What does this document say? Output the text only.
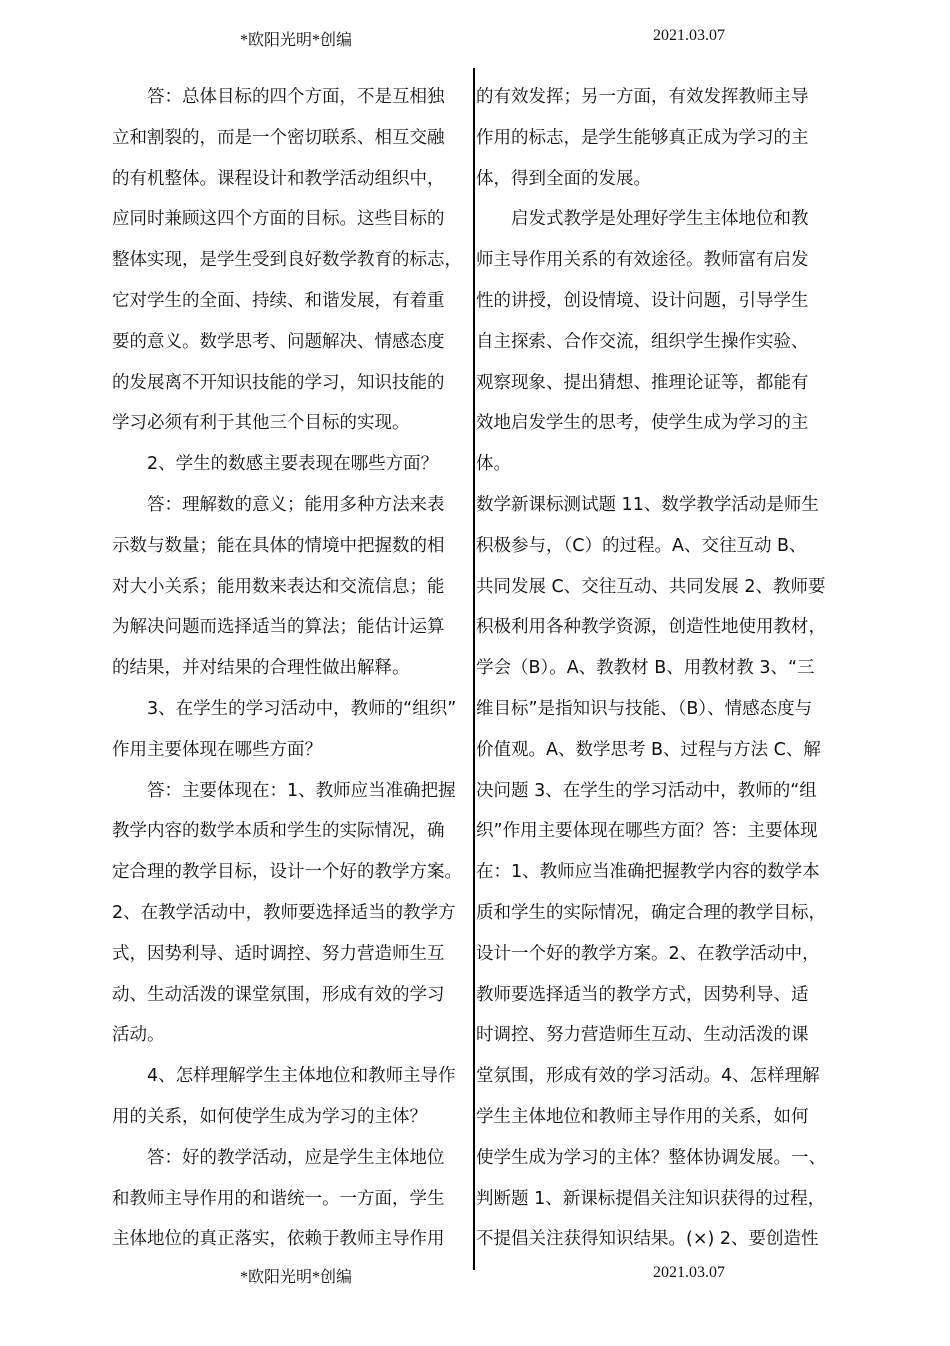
*欧阳光明*创编	2021.03.07
　　答：总体目标的四个方面，不是互相独
立和割裂的，而是一个密切联系、相互交融
的有机整体。课程设计和教学活动组织中，
应同时兼顾这四个方面的目标。这些目标的
整体实现，是学生受到良好数学教育的标志，
它对学生的全面、持续、和谐发展，有着重
要的意义。数学思考、问题解决、情感态度
的发展离不开知识技能的学习，知识技能的
学习必须有利于其他三个目标的实现。
　　2、学生的数感主要表现在哪些方面？
　　答：理解数的意义；能用多种方法来表
示数与数量；能在具体的情境中把握数的相
对大小关系；能用数来表达和交流信息；能
为解决问题而选择适当的算法；能估计运算
的结果，并对结果的合理性做出解释。
　　3、在学生的学习活动中，教师的“组织”
作用主要体现在哪些方面？
　　答：主要体现在：1、教师应当准确把握
教学内容的数学本质和学生的实际情况，确
定合理的教学目标，设计一个好的教学方案。
2、在教学活动中，教师要选择适当的教学方
式，因势利导、适时调控、努力营造师生互
动、生动活泼的课堂氛围，形成有效的学习
活动。
　　4、怎样理解学生主体地位和教师主导作
用的关系，如何使学生成为学习的主体？
　　答：好的教学活动，应是学生主体地位
和教师主导作用的和谐统一。一方面，学生
主体地位的真正落实，依赖于教师主导作用
的有效发挥；另一方面，有效发挥教师主导
作用的标志，是学生能够真正成为学习的主
体，得到全面的发展。
　　启发式教学是处理好学生主体地位和教
师主导作用关系的有效途径。教师富有启发
性的讲授，创设情境、设计问题，引导学生
自主探索、合作交流，组织学生操作实验、
观察现象、提出猜想、推理论证等，都能有
效地启发学生的思考，使学生成为学习的主
体。
数学新课标测试题 11、数学教学活动是师生
积极参与，（C）的过程。A、交往互动 B、
共同发展 C、交往互动、共同发展 2、教师要
积极利用各种教学资源，创造性地使用教材，
学会（B）。A、教教材 B、用教材教 3、“三
维目标”是指知识与技能、（B）、情感态度与
价值观。A、数学思考 B、过程与方法 C、解
决问题 3、在学生的学习活动中，教师的“组
织”作用主要体现在哪些方面？答：主要体现
在：1、教师应当准确把握教学内容的数学本
质和学生的实际情况，确定合理的教学目标，
设计一个好的教学方案。2、在教学活动中，
教师要选择适当的教学方式，因势利导、适
时调控、努力营造师生互动、生动活泼的课
堂氛围，形成有效的学习活动。4、怎样理解
学生主体地位和教师主导作用的关系，如何
使学生成为学习的主体？整体协调发展。一、
判断题 1、新课标提倡关注知识获得的过程，
不提倡关注获得知识结果。(×) 2、要创造性
*欧阳光明*创编	2021.03.07
